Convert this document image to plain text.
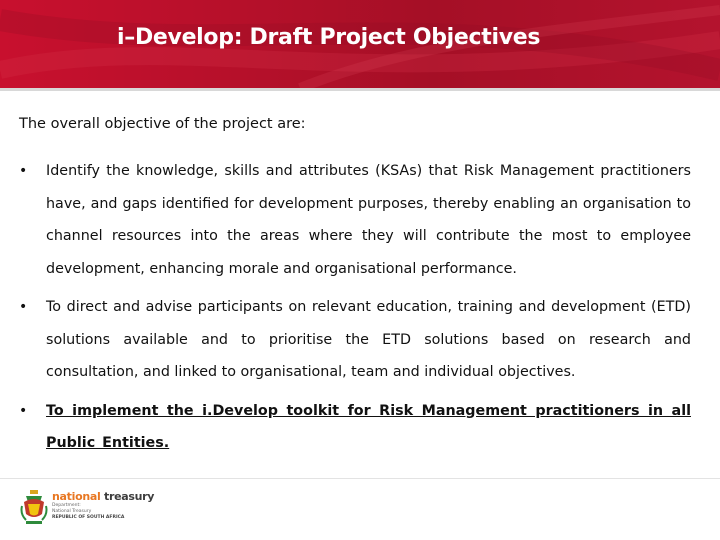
i–Develop: Draft Project Objectives

The overall objective of the project are:

• Identify the knowledge, skills and attributes (KSAs) that Risk Management practitioners have, and gaps identified for development purposes, thereby enabling an organisation to channel resources into the areas where they will contribute the most to employee development, enhancing morale and organisational performance.
• To direct and advise participants on relevant education, training and development (ETD) solutions available and to prioritise the ETD solutions based on research and consultation, and linked to organisational, team and individual objectives.
• To implement the i.Develop toolkit for Risk Management practitioners in all Public Entities.
national treasury
Department:
National Treasury
REPUBLIC OF SOUTH AFRICA
